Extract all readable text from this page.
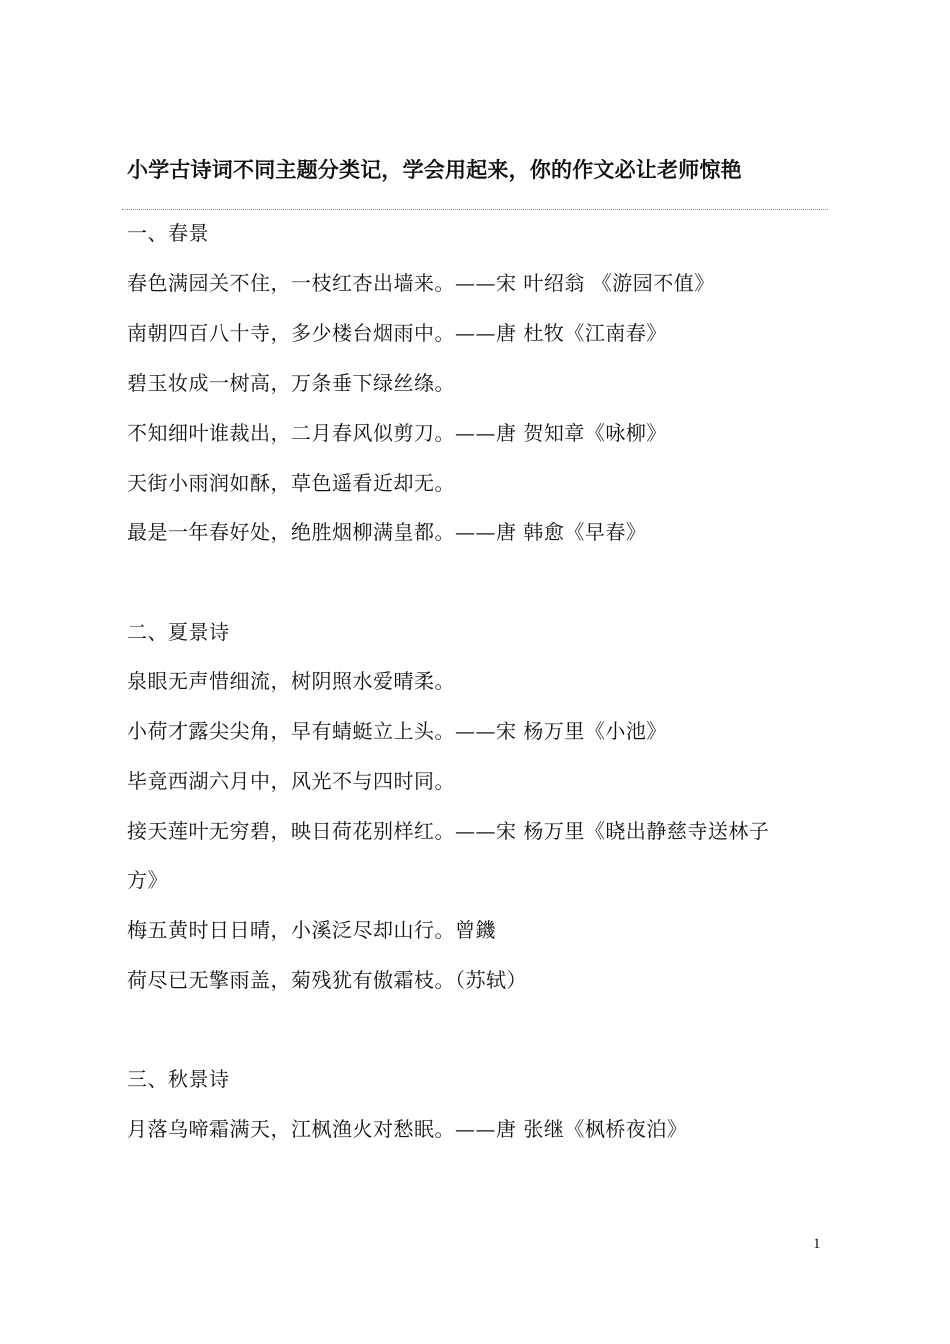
小学古诗词不同主题分类记，学会用起来，你的作文必让老师惊艳
一、春景
春色满园关不住，一枝红杏出墙来。——宋 叶绍翁 《游园不值》
南朝四百八十寺，多少楼台烟雨中。——唐 杜牧《江南春》
碧玉妆成一树高，万条垂下绿丝绦。
不知细叶谁裁出，二月春风似剪刀。——唐 贺知章《咏柳》
天街小雨润如酥，草色遥看近却无。
最是一年春好处，绝胜烟柳满皇都。——唐 韩愈《早春》
二、夏景诗
泉眼无声惜细流，树阴照水爱晴柔。
小荷才露尖尖角，早有蜻蜓立上头。——宋 杨万里《小池》
毕竟西湖六月中，风光不与四时同。
接天莲叶无穷碧，映日荷花别样红。——宋 杨万里《晓出静慈寺送林子
方》
梅五黄时日日晴，小溪泛尽却山行。曾鐖
荷尽已无擎雨盖，菊残犹有傲霜枝。（苏轼）
三、秋景诗
月落乌啼霜满天，江枫渔火对愁眠。——唐 张继《枫桥夜泊》
1
